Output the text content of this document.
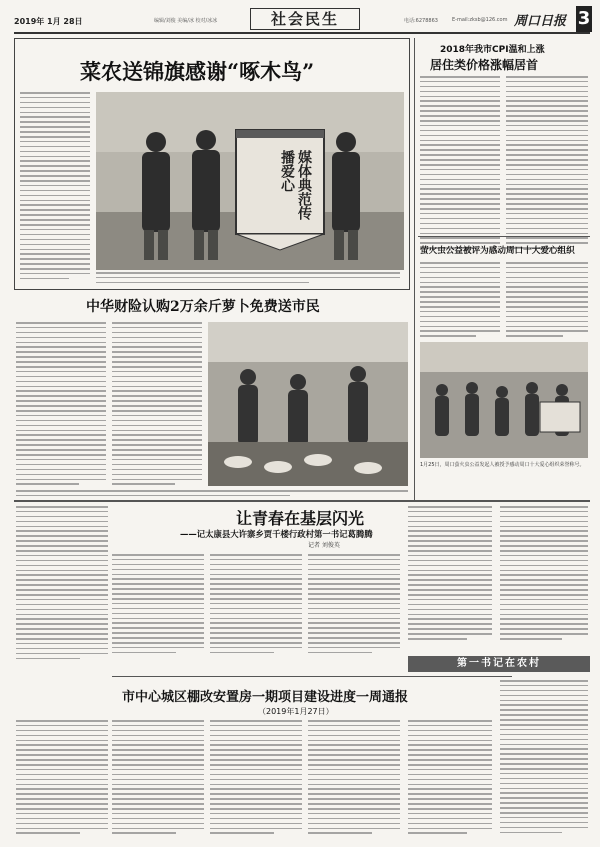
2019年 1月 28日	编辑/刘俊 美编/冰 校对/冰冰	社会民生	电话:6278863	E-mail:zksb@126.com 周口日报 3
菜农送锦旗感谢“啄木鸟”
媒体典范传播爱心
中华财险认购2万余斤萝卜免费送市民
2018年我市CPI温和上涨
居住类价格涨幅居首
萤火虫公益被评为感动周口十大爱心组织
1月25日，周口萤火虫公益发起人被授予感动周口十大爱心组织荣誉称号。
让青春在基层闪光
——记太康县大许寨乡贾千楼行政村第一书记葛腾腾
记者 刘俊英
第一书记在农村
市中心城区棚改安置房一期项目建设进度一周通报
（2019年1月27日）
